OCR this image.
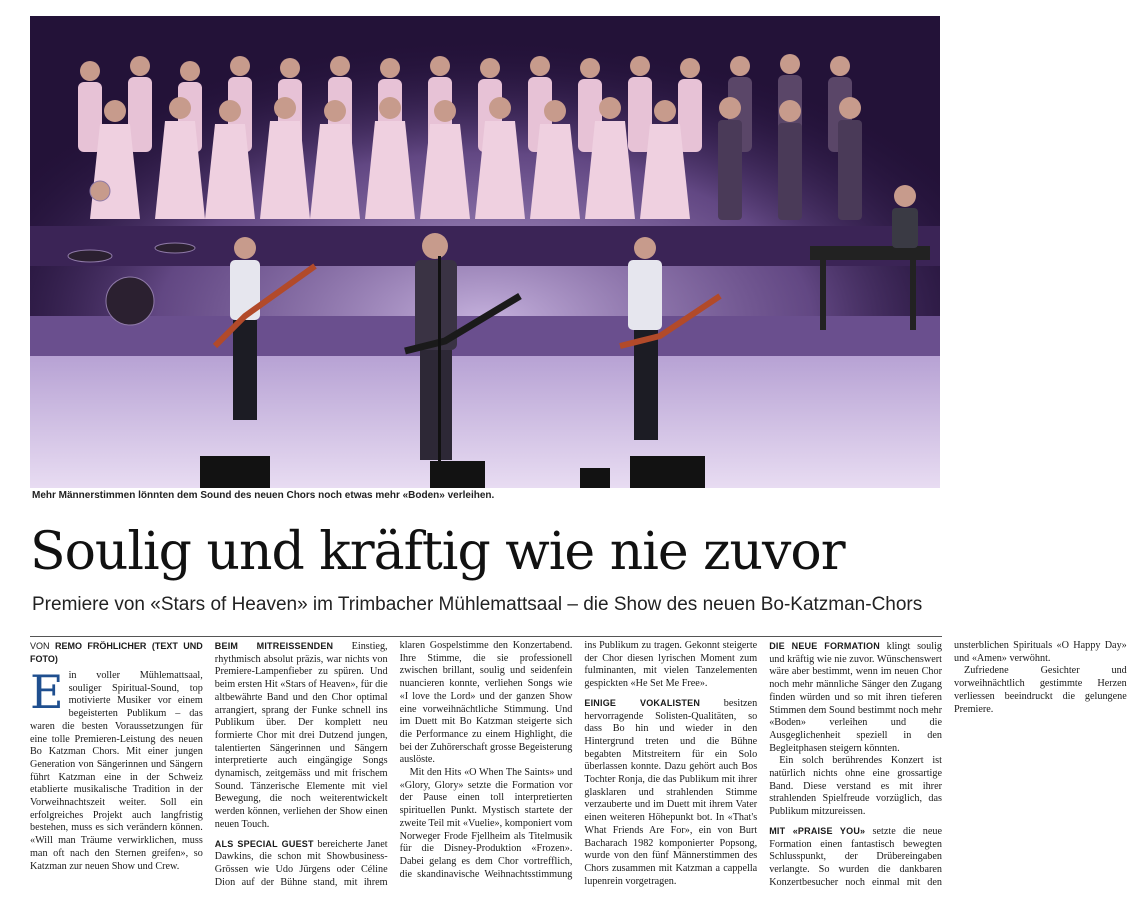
Mehr Männerstimmen lönnten dem Sound des neuen Chors noch etwas mehr «Boden» verleihen.
Soulig und kräftig wie nie zuvor
Premiere von «Stars of Heaven» im Trimbacher Mühlemattsaal – die Show des neuen Bo-Katzman-Chors
VON REMO FRÖHLICHER (TEXT UND FOTO)

Ein voller Mühlemattsaal, souliger Spiritual-Sound, top motivierte Musiker vor einem begeisterten Publikum – das waren die besten Voraussetzungen für eine tolle Premieren-Leistung des neuen Bo Katzman Chors. Mit einer jungen Generation von Sängerinnen und Sängern führt Katzman eine in der Schweiz etablierte musikalische Tradition in der Vorweihnachtszeit weiter. Soll ein erfolgreiches Projekt auch langfristig bestehen, muss es sich verändern können. «Will man Träume verwirklichen, muss man oft nach den Sternen greifen», so Katzman zur neuen Show und Crew.

BEIM MITREISSENDEN Einstieg, rhythmisch absolut präzis, war nichts von Premiere-Lampenfieber zu spüren. Und beim ersten Hit «Stars of Heaven», für die altbewährte Band und den Chor optimal arrangiert, sprang der Funke schnell ins Publikum über. Der komplett neu formierte Chor mit drei Dutzend jungen, talentierten Sängerinnen und Sängern interpretierte auch eingängige Songs dynamisch, zeitgemäss und mit frischem Sound. Tänzerische Elemente mit viel Bewegung, die noch weiterentwickelt werden können, verliehen der Show einen neuen Touch.

ALS SPECIAL GUEST bereicherte Janet Dawkins, die schon mit Showbusiness-Grössen wie Udo Jürgens oder Céline Dion auf der Bühne stand, mit ihrem klaren Gospelstimme den Konzertabend. Ihre Stimme, die sie professionell zwischen brillant, soulig und seidenfein nuancieren konnte, verliehen Songs wie «I love the Lord» und der ganzen Show eine vorweihnächtliche Stimmung. Und im Duett mit Bo Katzman steigerte sich die Performance zu einem Highlight, die bei der Zuhörerschaft grosse Begeisterung auslöste.

Mit den Hits «O When The Saints» und «Glory, Glory» setzte die Formation vor der Pause einen toll interpretierten spirituellen Punkt. Mystisch startete der zweite Teil mit «Vuelie», komponiert vom Norweger Frode Fjellheim als Titelmusik für die Disney-Produktion «Frozen». Dabei gelang es dem Chor vortrefflich, die skandinavische Weihnachtsstimmung ins Publikum zu tragen. Gekonnt steigerte der Chor diesen lyrischen Moment zum fulminanten, mit vielen Tanzelementen gespickten «He Set Me Free».

EINIGE VOKALISTEN besitzen hervorragende Solisten-Qualitäten, so dass Bo hin und wieder in den Hintergrund treten und die Bühne begabten Mitstreitern für ein Solo überlassen konnte. Dazu gehört auch Bos Tochter Ronja, die das Publikum mit ihrer glasklaren und strahlenden Stimme verzauberte und im Duett mit ihrem Vater einen weiteren Höhepunkt bot. In «That's What Friends Are For», ein von Burt Bacharach 1982 komponierter Popsong, wurde von den fünf Männerstimmen des Chors zusammen mit Katzman a cappella lupenrein vorgetragen.

DIE NEUE FORMATION klingt soulig und kräftig wie nie zuvor. Wünschenswert wäre aber bestimmt, wenn im neuen Chor noch mehr männliche Sänger den Zugang finden würden und so mit ihren tieferen Stimmen dem Sound bestimmt noch mehr «Boden» verleihen und die Ausgeglichenheit speziell in den Begleitphasen steigern könnten.

Ein solch berührendes Konzert ist natürlich nichts ohne eine grossartige Band. Diese verstand es mit ihrer strahlenden Spielfreude vorzüglich, das Publikum mitzureissen.

MIT «PRAISE YOU» setzte die neue Formation einen fantastisch bewegten Schlusspunkt, der Drübereingaben verlangte. So wurden die dankbaren Konzertbesucher noch einmal mit den unsterblichen Spirituals «O Happy Day» und «Amen» verwöhnt.

Zufriedene Gesichter und vorweihnächtlich gestimmte Herzen verliessen beeindruckt die gelungene Premiere.
